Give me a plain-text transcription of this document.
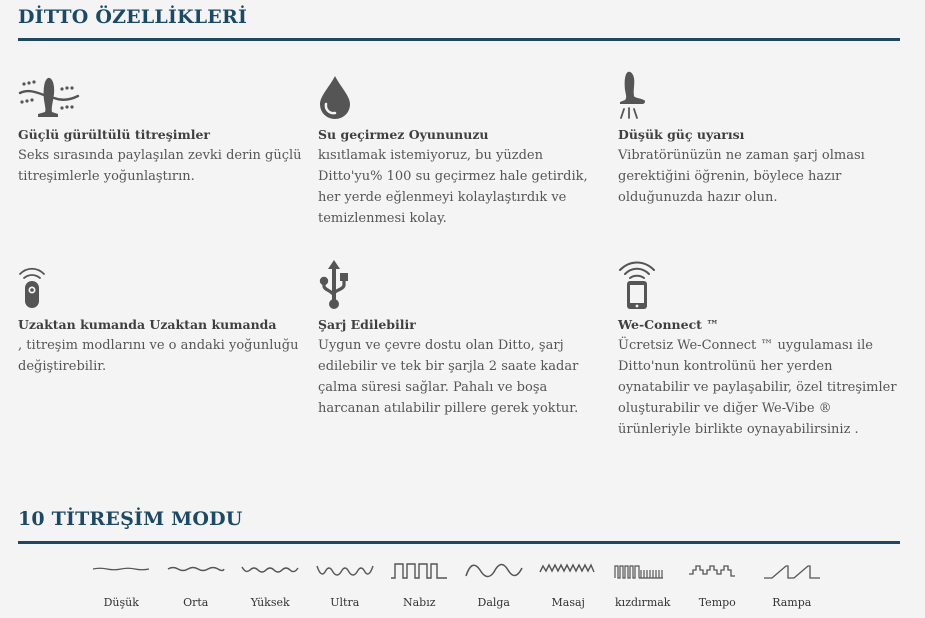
DİTTO ÖZELLİKLERİ

Güçlü gürültülü titreşimler

Seks sırasında paylaşılan zevki derin güçlü titreşimlerle yoğunlaştırın.

Su geçirmez Oyununuzu

kısıtlamak istemiyoruz, bu yüzden Ditto'yu% 100 su geçirmez hale getirdik, her yerde eğlenmeyi kolaylaştırdık ve temizlenmesi kolay.

Düşük güç uyarısı

Vibratörünüzün ne zaman şarj olması gerektiğini öğrenin, böylece hazır olduğunuzda hazır olun.

Uzaktan kumanda Uzaktan kumanda

, titreşim modlarını ve o andaki yoğunluğu değiştirebilir.

Şarj Edilebilir

Uygun ve çevre dostu olan Ditto, şarj edilebilir ve tek bir şarjla 2 saate kadar çalma süresi sağlar. Pahalı ve boşa harcanan atılabilir pillere gerek yoktur.

We-Connect ™

Ücretsiz We-Connect ™ uygulaması ile Ditto'nun kontrolünü her yerden oynatabilir ve paylaşabilir, özel titreşimler oluşturabilir ve diğer We-Vibe ® ürünleriyle birlikte oynayabilirsiniz .

10 TİTREŞİM MODU
Düşük	Orta	Yüksek	Ultra	Nabız	Dalga	Masaj	kızdırmak	Tempo	Rampa
